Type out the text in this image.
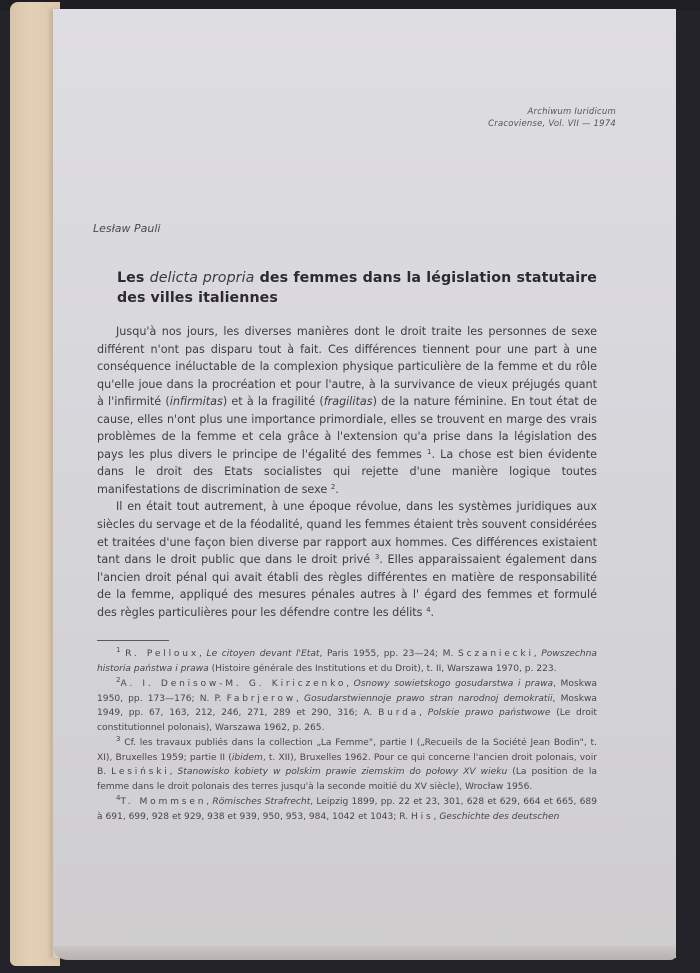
Archiwum Iuridicum
Cracoviense, Vol. VII — 1974
Lesław Pauli
Les delicta propria des femmes dans la législation statutaire des villes italiennes

Jusqu'à nos jours, les diverses manières dont le droit traite les personnes de sexe différent n'ont pas disparu tout à fait. Ces différences tiennent pour une part à une conséquence inéluctable de la complexion physique particulière de la femme et du rôle qu'elle joue dans la procréation et pour l'autre, à la survivance de vieux préjugés quant à l'infirmité (infirmitas) et à la fragilité (fragilitas) de la nature féminine. En tout état de cause, elles n'ont plus une importance primordiale, elles se trouvent en marge des vrais problèmes de la femme et cela grâce à l'extension qu'a prise dans la législation des pays les plus divers le principe de l'égalité des femmes $^1$. La chose est bien évidente dans le droit des Etats socialistes qui rejette d'une manière logique toutes manifestations de discrimination de sexe $^2$.

Il en était tout autrement, à une époque révolue, dans les systèmes juridiques aux siècles du servage et de la féodalité, quand les femmes étaient très souvent considérées et traitées d'une façon bien diverse par rapport aux hommes. Ces différences existaient tant dans le droit public que dans le droit privé $^3$. Elles apparaissaient également dans l'ancien droit pénal qui avait établi des règles différentes en matière de responsabilité de la femme, appliqué des mesures pénales autres à l' égard des femmes et formulé des règles particulières pour les défendre contre les délits $^4$.

$^1$ R. Pelloux, Le citoyen devant l'Etat, Paris 1955, pp. 23—24; M. Sczaniecki, Powszechna historia państwa i prawa (Histoire générale des Institutions et du Droit), t. II, Warszawa 1970, p. 223.

$^2$A. I. Denisow-M. G. Kiriczenko, Osnowy sowietskogo gosudarstwa i prawa, Moskwa 1950, pp. 173—176; N. P. Fabrjerow, Gosudarstwiennoje prawo stran narodnoj demokratii, Moskwa 1949, pp. 67, 163, 212, 246, 271, 289 et 290, 316; A. Burda, Polskie prawo państwowe (Le droit constitutionnel polonais), Warszawa 1962, p. 265.

$^3$ Cf. les travaux publiés dans la collection „La Femme", partie I („Recueils de la Société Jean Bodin", t. XI), Bruxelles 1959; partie II (ibidem, t. XII), Bruxelles 1962. Pour ce qui concerne l'ancien droit polonais, voir B. Lesiński, Stanowisko kobiety w polskim prawie ziemskim do połowy XV wieku (La position de la femme dans le droit polonais des terres jusqu'à la seconde moitié du XV siècle), Wrocław 1956.

$^4$T. Mommsen, Römisches Strafrecht, Leipzig 1899, pp. 22 et 23, 301, 628 et 629, 664 et 665, 689 à 691, 699, 928 et 929, 938 et 939, 950, 953, 984, 1042 et 1043; R. His, Geschichte des deutschen
